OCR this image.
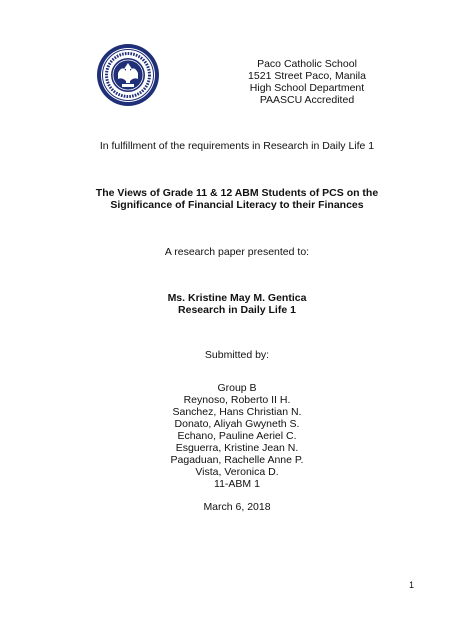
Paco Catholic School
1521 Street Paco, Manila
High School Department
PAASCU Accredited
In fulfillment of the requirements in Research in Daily Life 1
The Views of Grade 11 & 12 ABM Students of PCS on the
Significance of Financial Literacy to their Finances
A research paper presented to:
Ms. Kristine May M. Gentica
Research in Daily Life 1
Submitted by:
Group B
Reynoso, Roberto II H.
Sanchez, Hans Christian N.
Donato, Aliyah Gwyneth S.
Echano, Pauline Aeriel C.
Esguerra, Kristine Jean N.
Pagaduan, Rachelle Anne P.
Vista, Veronica D.
11-ABM 1
March 6, 2018
1
